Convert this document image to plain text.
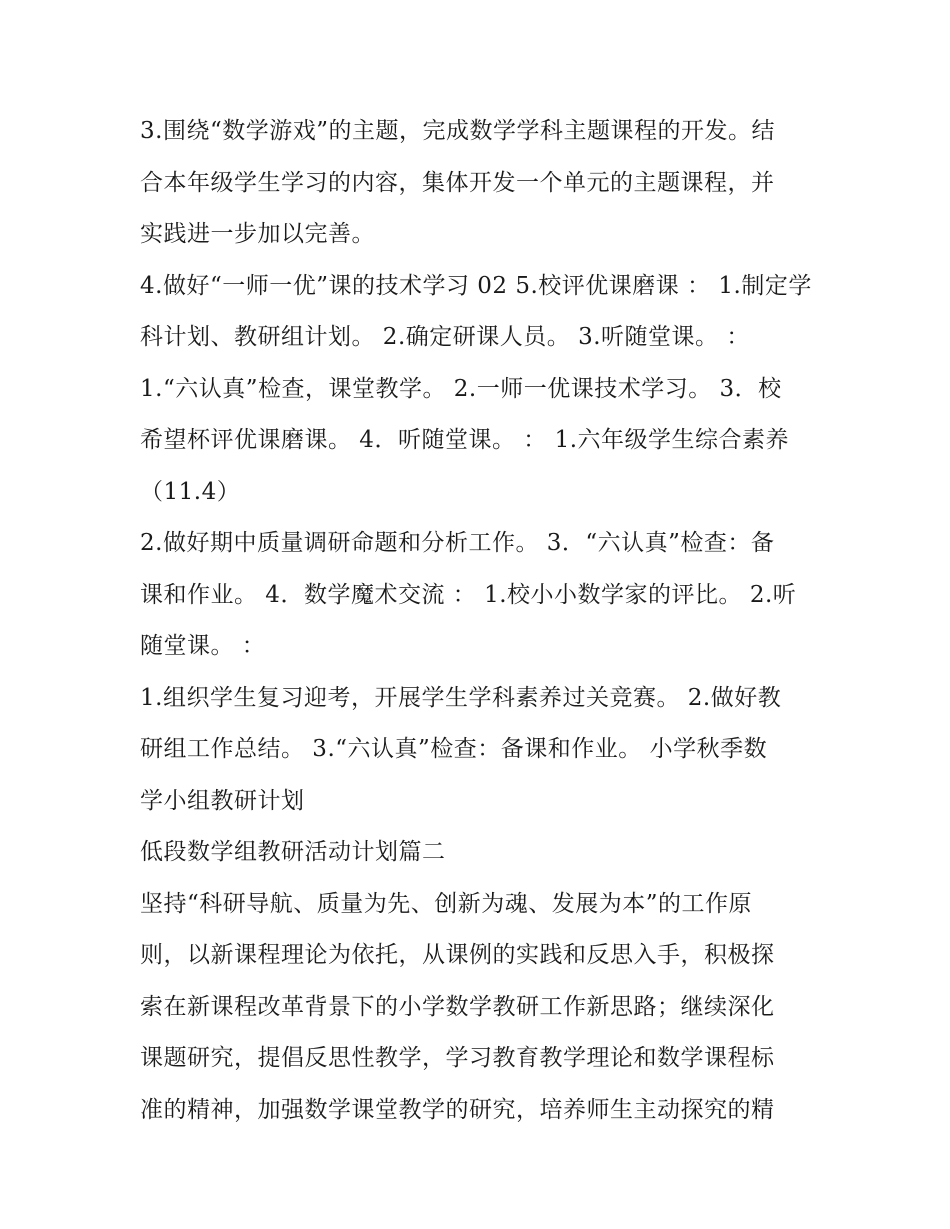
3.围绕“数学游戏”的主题，完成数学学科主题课程的开发。结
合本年级学生学习的内容，集体开发一个单元的主题课程，并
实践进一步加以完善。
4.做好“一师一优”课的技术学习 02 5.校评优课磨课 ： 1.制定学
科计划、教研组计划。 2.确定研课人员。 3.听随堂课。 ：
1.“六认真”检查，课堂教学。 2.一师一优课技术学习。 3．校
希望杯评优课磨课。 4．听随堂课。 ： 1.六年级学生综合素养
（11.4）
2.做好期中质量调研命题和分析工作。 3．“六认真”检查：备
课和作业。 4．数学魔术交流 ： 1.校小小数学家的评比。 2.听
随堂课。 ：
1.组织学生复习迎考，开展学生学科素养过关竞赛。 2.做好教
研组工作总结。 3.“六认真”检查：备课和作业。 小学秋季数
学小组教研计划
低段数学组教研活动计划篇二
坚持“科研导航、质量为先、创新为魂、发展为本”的工作原
则，以新课程理论为依托，从课例的实践和反思入手，积极探
索在新课程改革背景下的小学数学教研工作新思路；继续深化
课题研究，提倡反思性教学，学习教育教学理论和数学课程标
准的精神，加强数学课堂教学的研究，培养师生主动探究的精
